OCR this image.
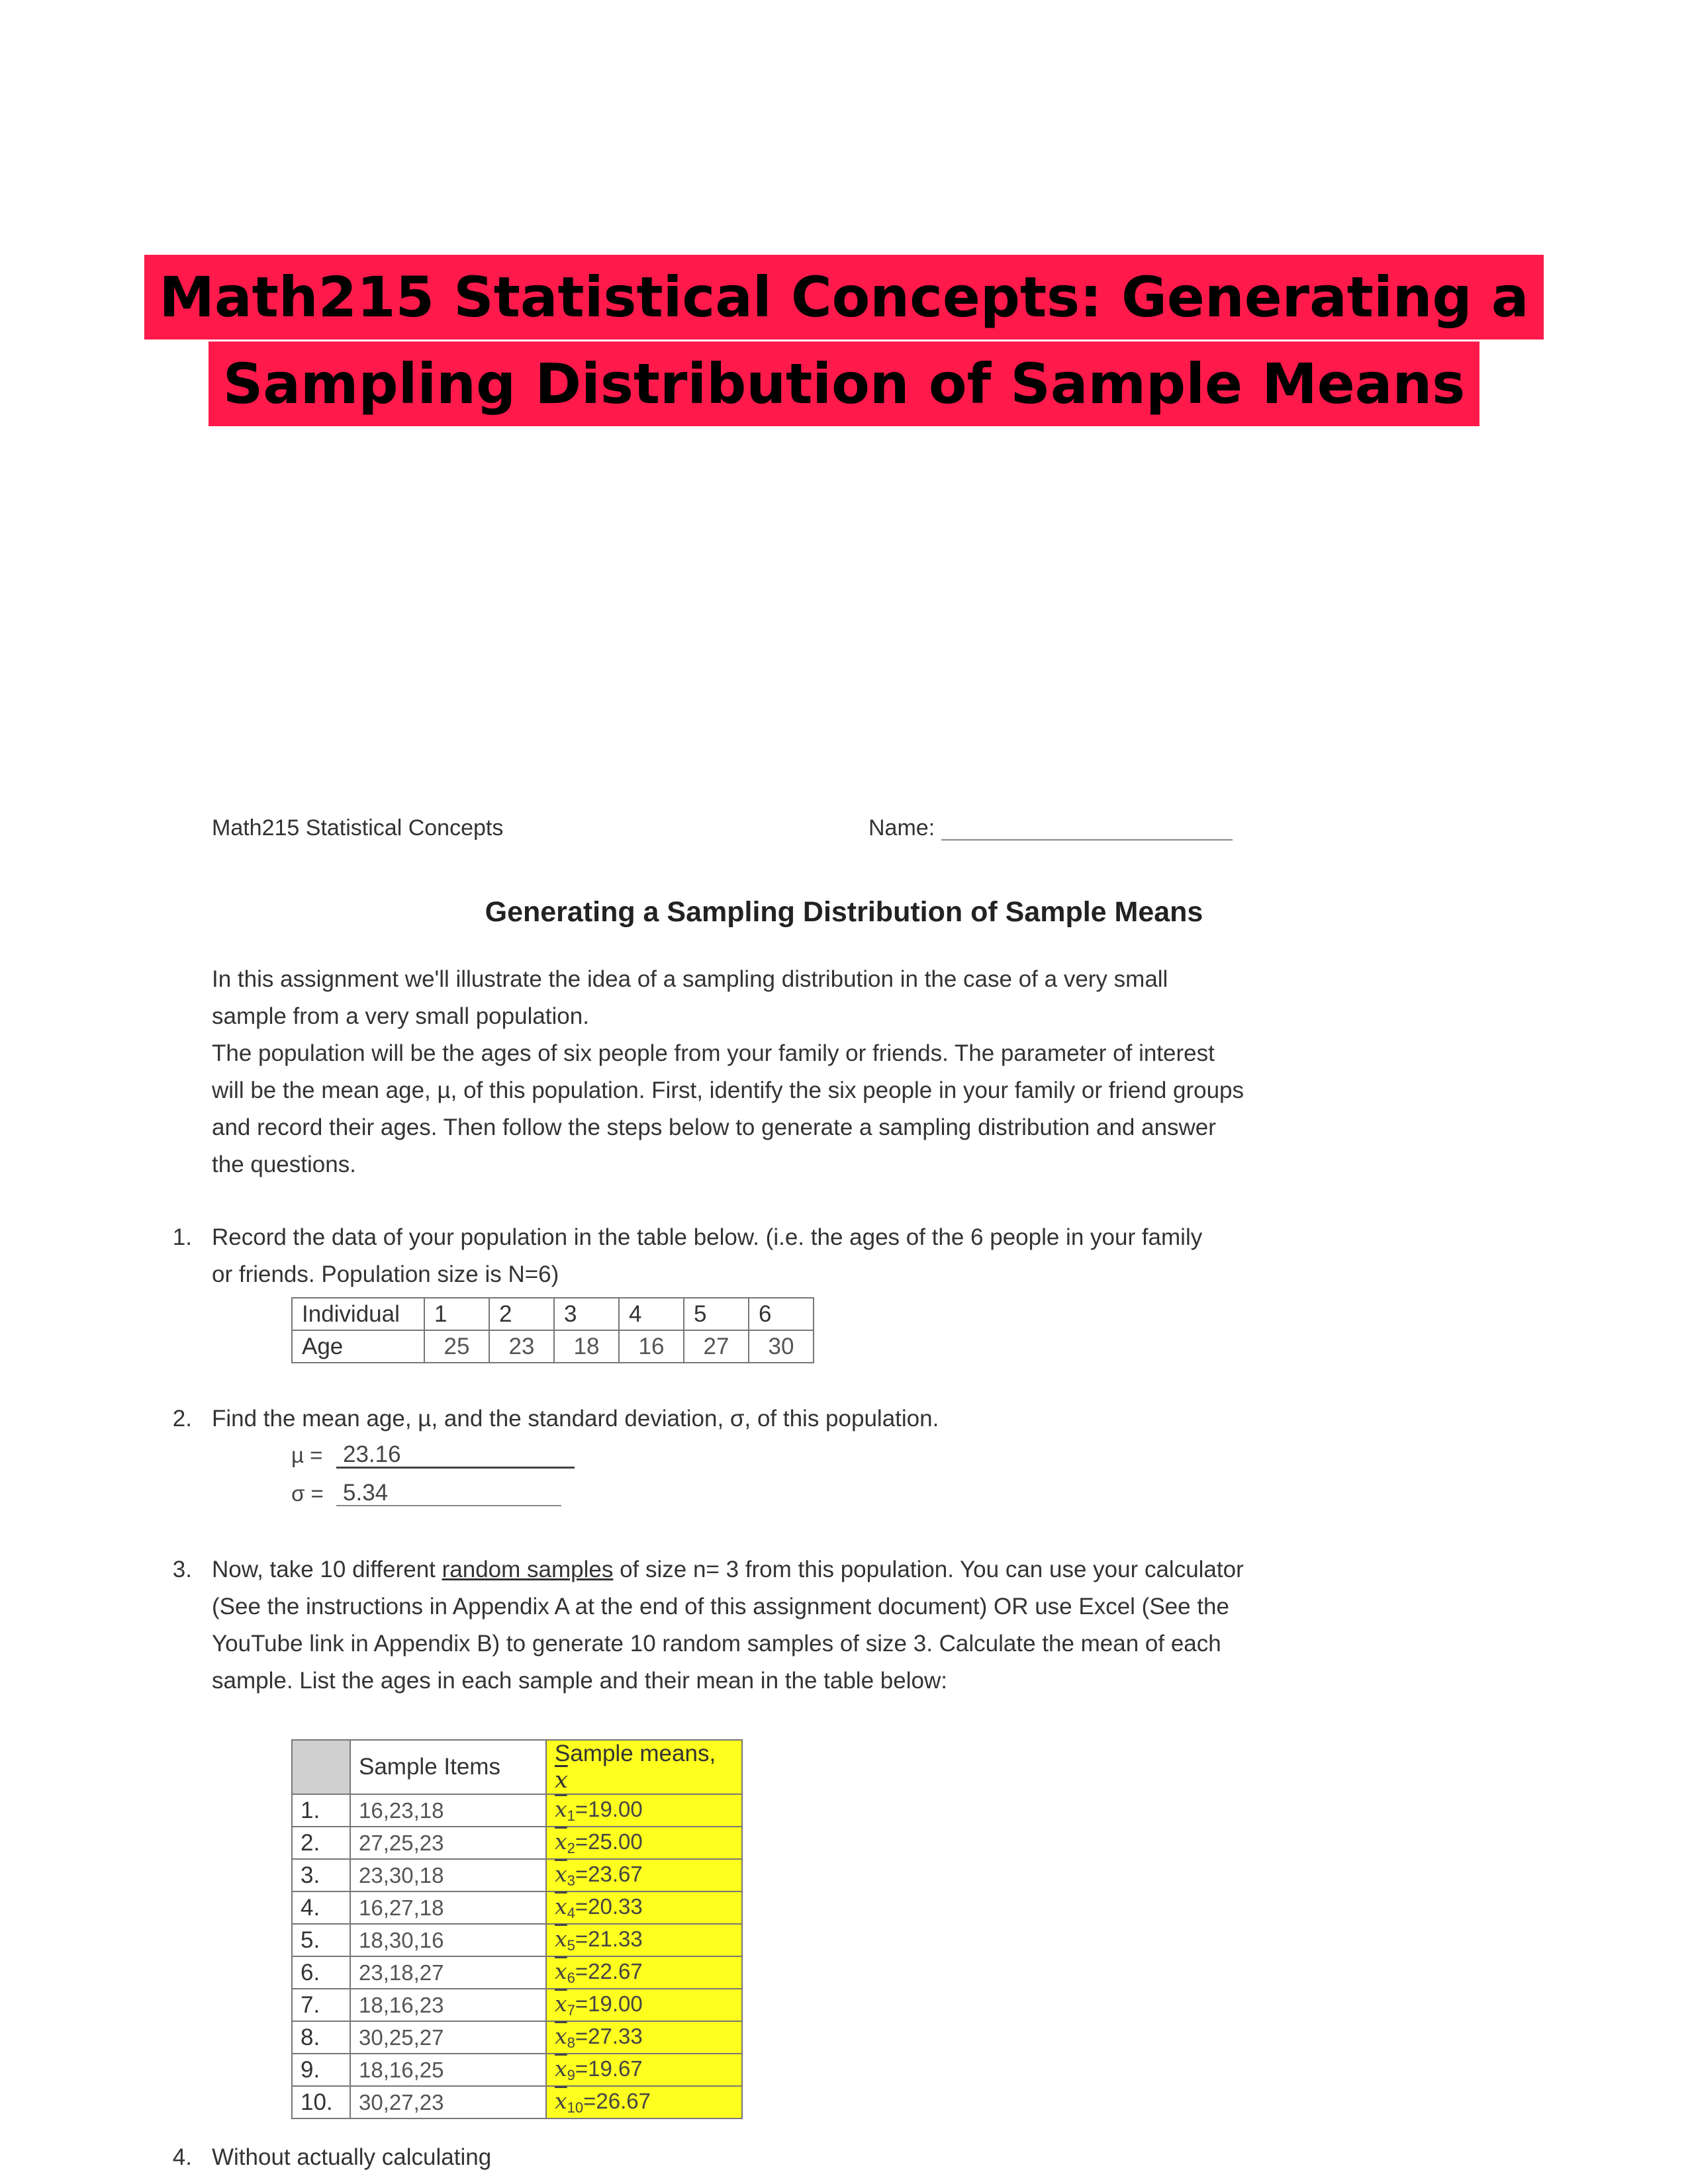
Math215 Statistical Concepts: Generating a
Sampling Distribution of Sample Means
Math215 Statistical Concepts	Name:
Generating a Sampling Distribution of Sample Means
In this assignment we'll illustrate the idea of a sampling distribution in the case of a very small sample from a very small population.
The population will be the ages of six people from your family or friends. The parameter of interest will be the mean age, µ, of this population. First, identify the six people in your family or friend groups and record their ages. Then follow the steps below to generate a sampling distribution and answer the questions.
1. Record the data of your population in the table below. (i.e. the ages of the 6 people in your family or friends. Population size is N=6)
Individual	1	2	3	4	5	6
Age	25	23	18	16	27	30
2. Find the mean age, µ, and the standard deviation, σ, of this population.
µ = 23.16
σ = 5.34
3. Now, take 10 different random samples of size n= 3 from this population. You can use your calculator (See the instructions in Appendix A at the end of this assignment document) OR use Excel (See the YouTube link in Appendix B) to generate 10 random samples of size 3. Calculate the mean of each sample. List the ages in each sample and their mean in the table below:
	Sample Items	Sample means, $\overline{x}$
1.	16,23,18	$\overline{x}_1=19.00$
2.	27,25,23	$\overline{x}_2=25.00$
3.	23,30,18	$\overline{x}_3=23.67$
4.	16,27,18	$\overline{x}_4=20.33$
5.	18,30,16	$\overline{x}_5=21.33$
6.	23,18,27	$\overline{x}_6=22.67$
7.	18,16,23	$\overline{x}_7=19.00$
8.	30,25,27	$\overline{x}_8=27.33$
9.	18,16,25	$\overline{x}_9=19.67$
10.	30,27,23	$\overline{x}_{10}=26.67$
4. Without actually calculating
